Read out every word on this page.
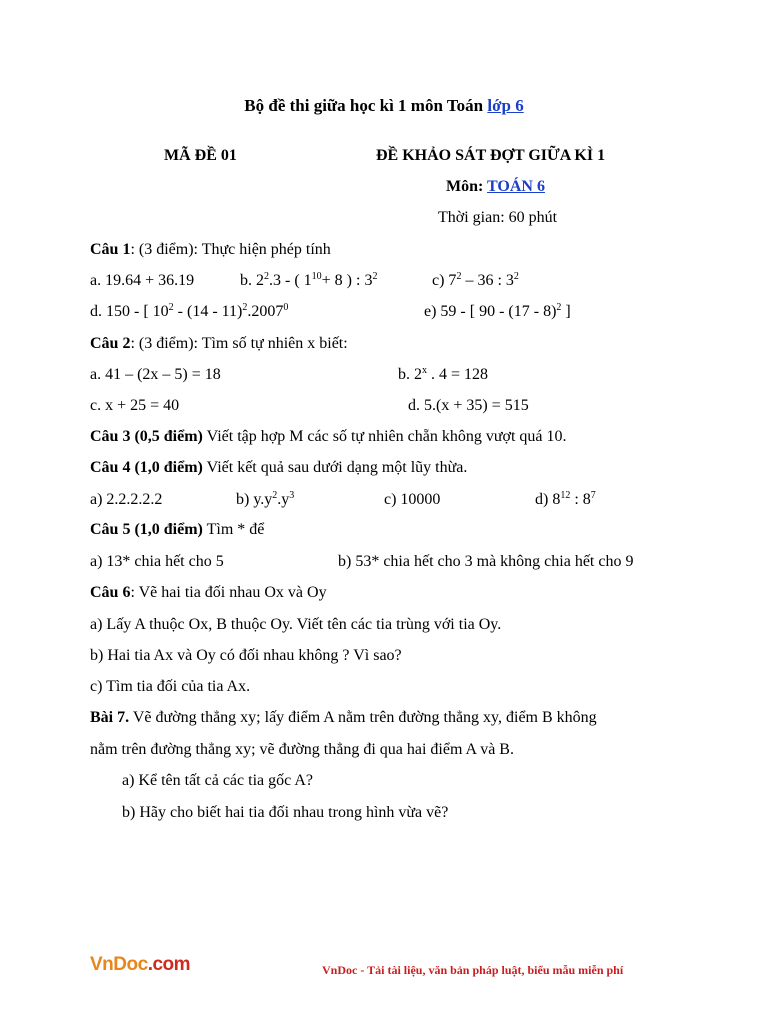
Bộ đề thi giữa học kì 1 môn Toán lớp 6
MÃ ĐỀ 01	ĐỀ KHẢO SÁT ĐỢT GIỮA KÌ 1
Môn: TOÁN 6
Thời gian: 60 phút
Câu 1: (3 điểm): Thực hiện phép tính
a. 19.64 + 36.19	b. $2^2.3$ - ( $1^{10}+ 8$ ) : $3^2$	c) $7^2 - 36$ : $3^2$
d. 150 - [ $10^2 - (14 - 11)^2.2007^0$	e) 59 - [ 90 - (17 - 8)$^2$ ]
Câu 2: (3 điểm): Tìm số tự nhiên x biết:
a. 41 – (2x – 5) = 18	b. 2$^x$ . 4 = 128
c. x + 25 = 40	d. 5.(x + 35) = 515
Câu 3 (0,5 điểm) Viết tập hợp M các số tự nhiên chẵn không vượt quá 10.
Câu 4 (1,0 điểm) Viết kết quả sau dưới dạng một lũy thừa.
a) 2.2.2.2.2	b) $y.y^2.y^3$	c) 10000	d) $8^{12}$ : $8^7$
Câu 5 (1,0 điểm) Tìm * để
a) 13* chia hết cho 5	b) 53* chia hết cho 3 mà không chia hết cho 9
Câu 6: Vẽ hai tia đối nhau Ox và Oy
a) Lấy A thuộc Ox, B thuộc Oy. Viết tên các tia trùng với tia Oy.
b) Hai tia Ax và Oy có đối nhau không ? Vì sao?
c) Tìm tia đối của tia Ax.
Bài 7. Vẽ đường thẳng xy; lấy điểm A nằm trên đường thẳng xy, điểm B không
nằm trên đường thẳng xy; vẽ đường thẳng đi qua hai điểm A và B.
a) Kể tên tất cả các tia gốc A?
b) Hãy cho biết hai tia đối nhau trong hình vừa vẽ?
VnDoc.com	VnDoc - Tải tài liệu, văn bản pháp luật, biểu mẫu miễn phí
